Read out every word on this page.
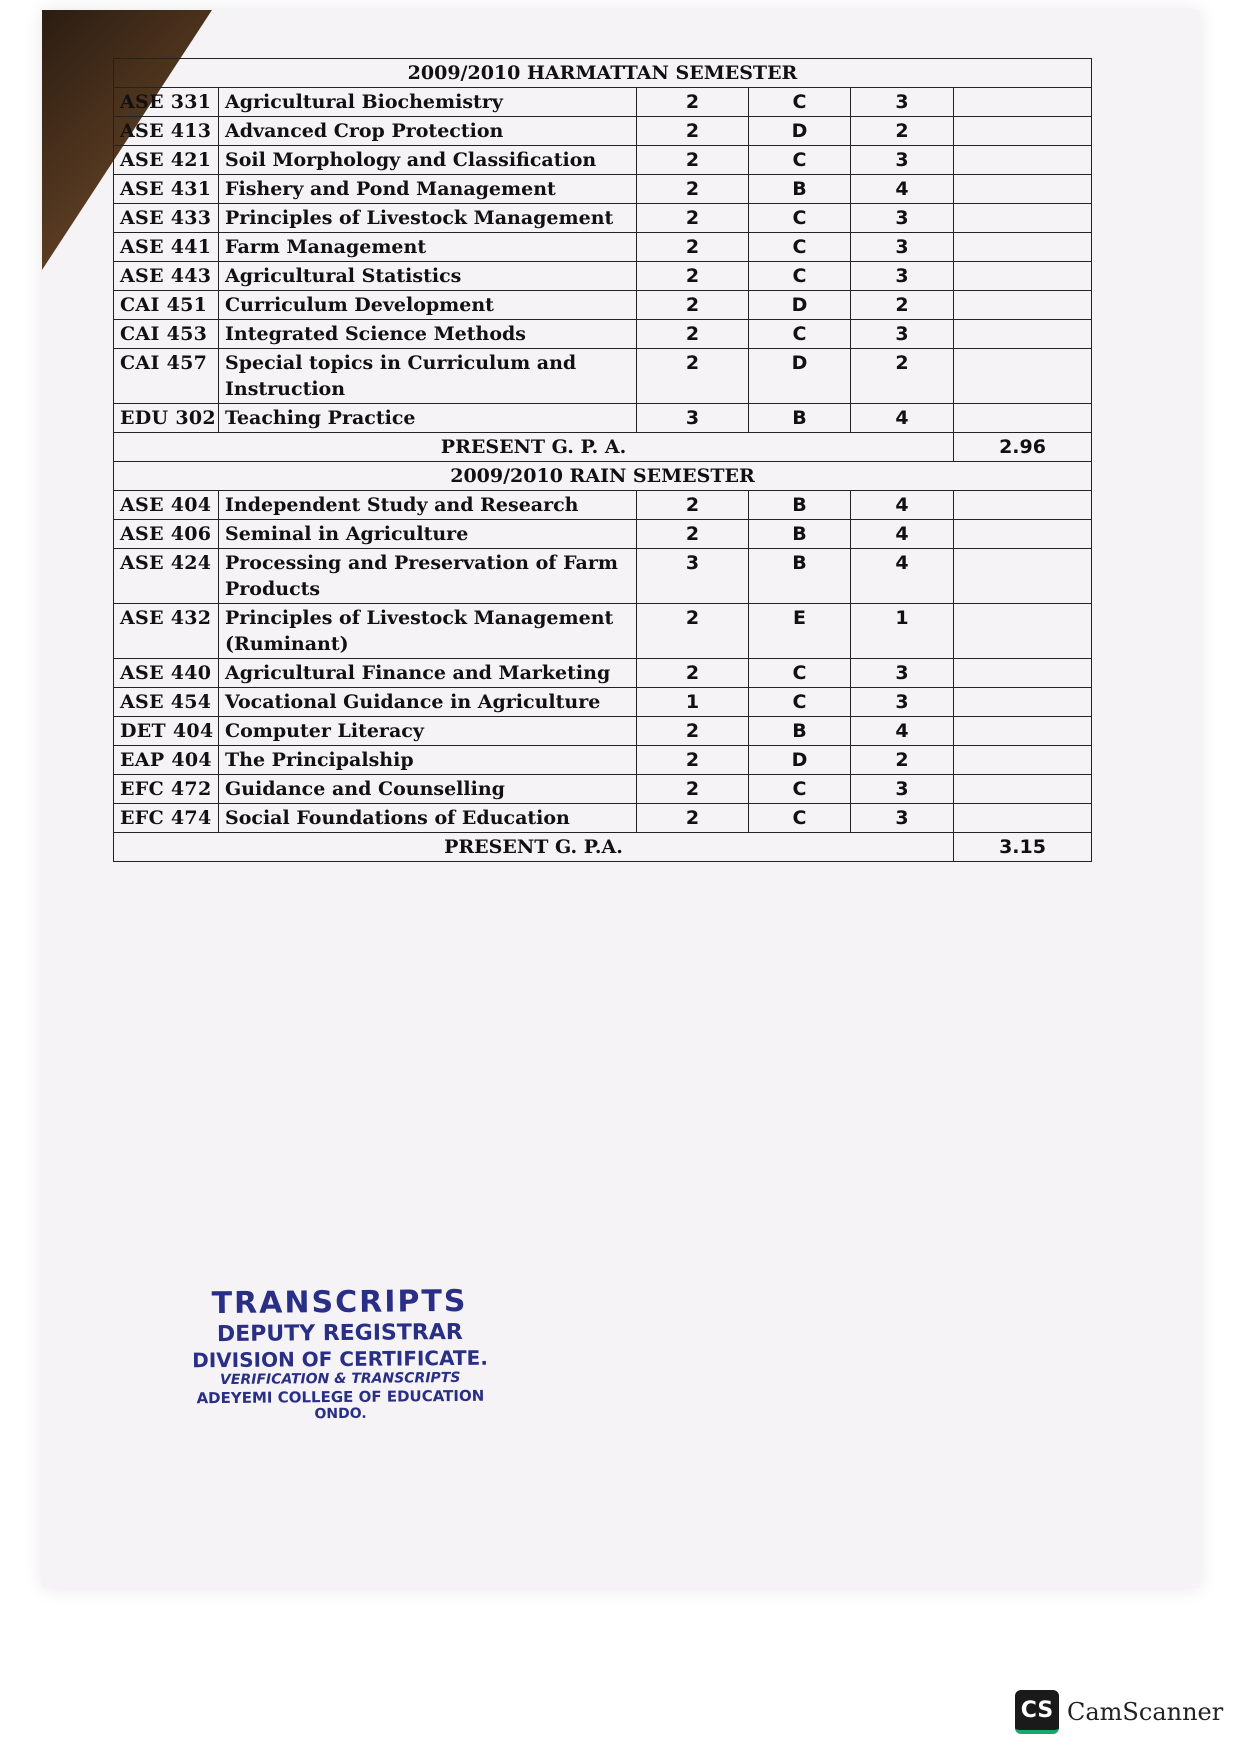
2009/2010 HARMATTAN SEMESTER					
ASE 331	Agricultural Biochemistry	2	C	3	
ASE 413	Advanced Crop Protection	2	D	2	
ASE 421	Soil Morphology and Classification	2	C	3	
ASE 431	Fishery and Pond Management	2	B	4	
ASE 433	Principles of Livestock Management	2	C	3	
ASE 441	Farm Management	2	C	3	
ASE 443	Agricultural Statistics	2	C	3	
CAI 451	Curriculum Development	2	D	2	
CAI 453	Integrated Science Methods	2	C	3	
CAI 457	Special topics in Curriculum and Instruction	2	D	2	
EDU 302	Teaching Practice	3	B	4	
PRESENT G. P. A.					2.96
2009/2010 RAIN SEMESTER					
ASE 404	Independent Study and Research	2	B	4	
ASE 406	Seminal in Agriculture	2	B	4	
ASE 424	Processing and Preservation of Farm Products	3	B	4	
ASE 432	Principles of Livestock Management (Ruminant)	2	E	1	
ASE 440	Agricultural Finance and Marketing	2	C	3	
ASE 454	Vocational Guidance in Agriculture	1	C	3	
DET 404	Computer Literacy	2	B	4	
EAP 404	The Principalship	2	D	2	
EFC 472	Guidance and Counselling	2	C	3	
EFC 474	Social Foundations of Education	2	C	3	
PRESENT G. P.A.					3.15
TRANSCRIPTS
DEPUTY REGISTRAR
DIVISION OF CERTIFICATE.
VERIFICATION & TRANSCRIPTS
ADEYEMI COLLEGE OF EDUCATION
ONDO.
CS CamScanner
